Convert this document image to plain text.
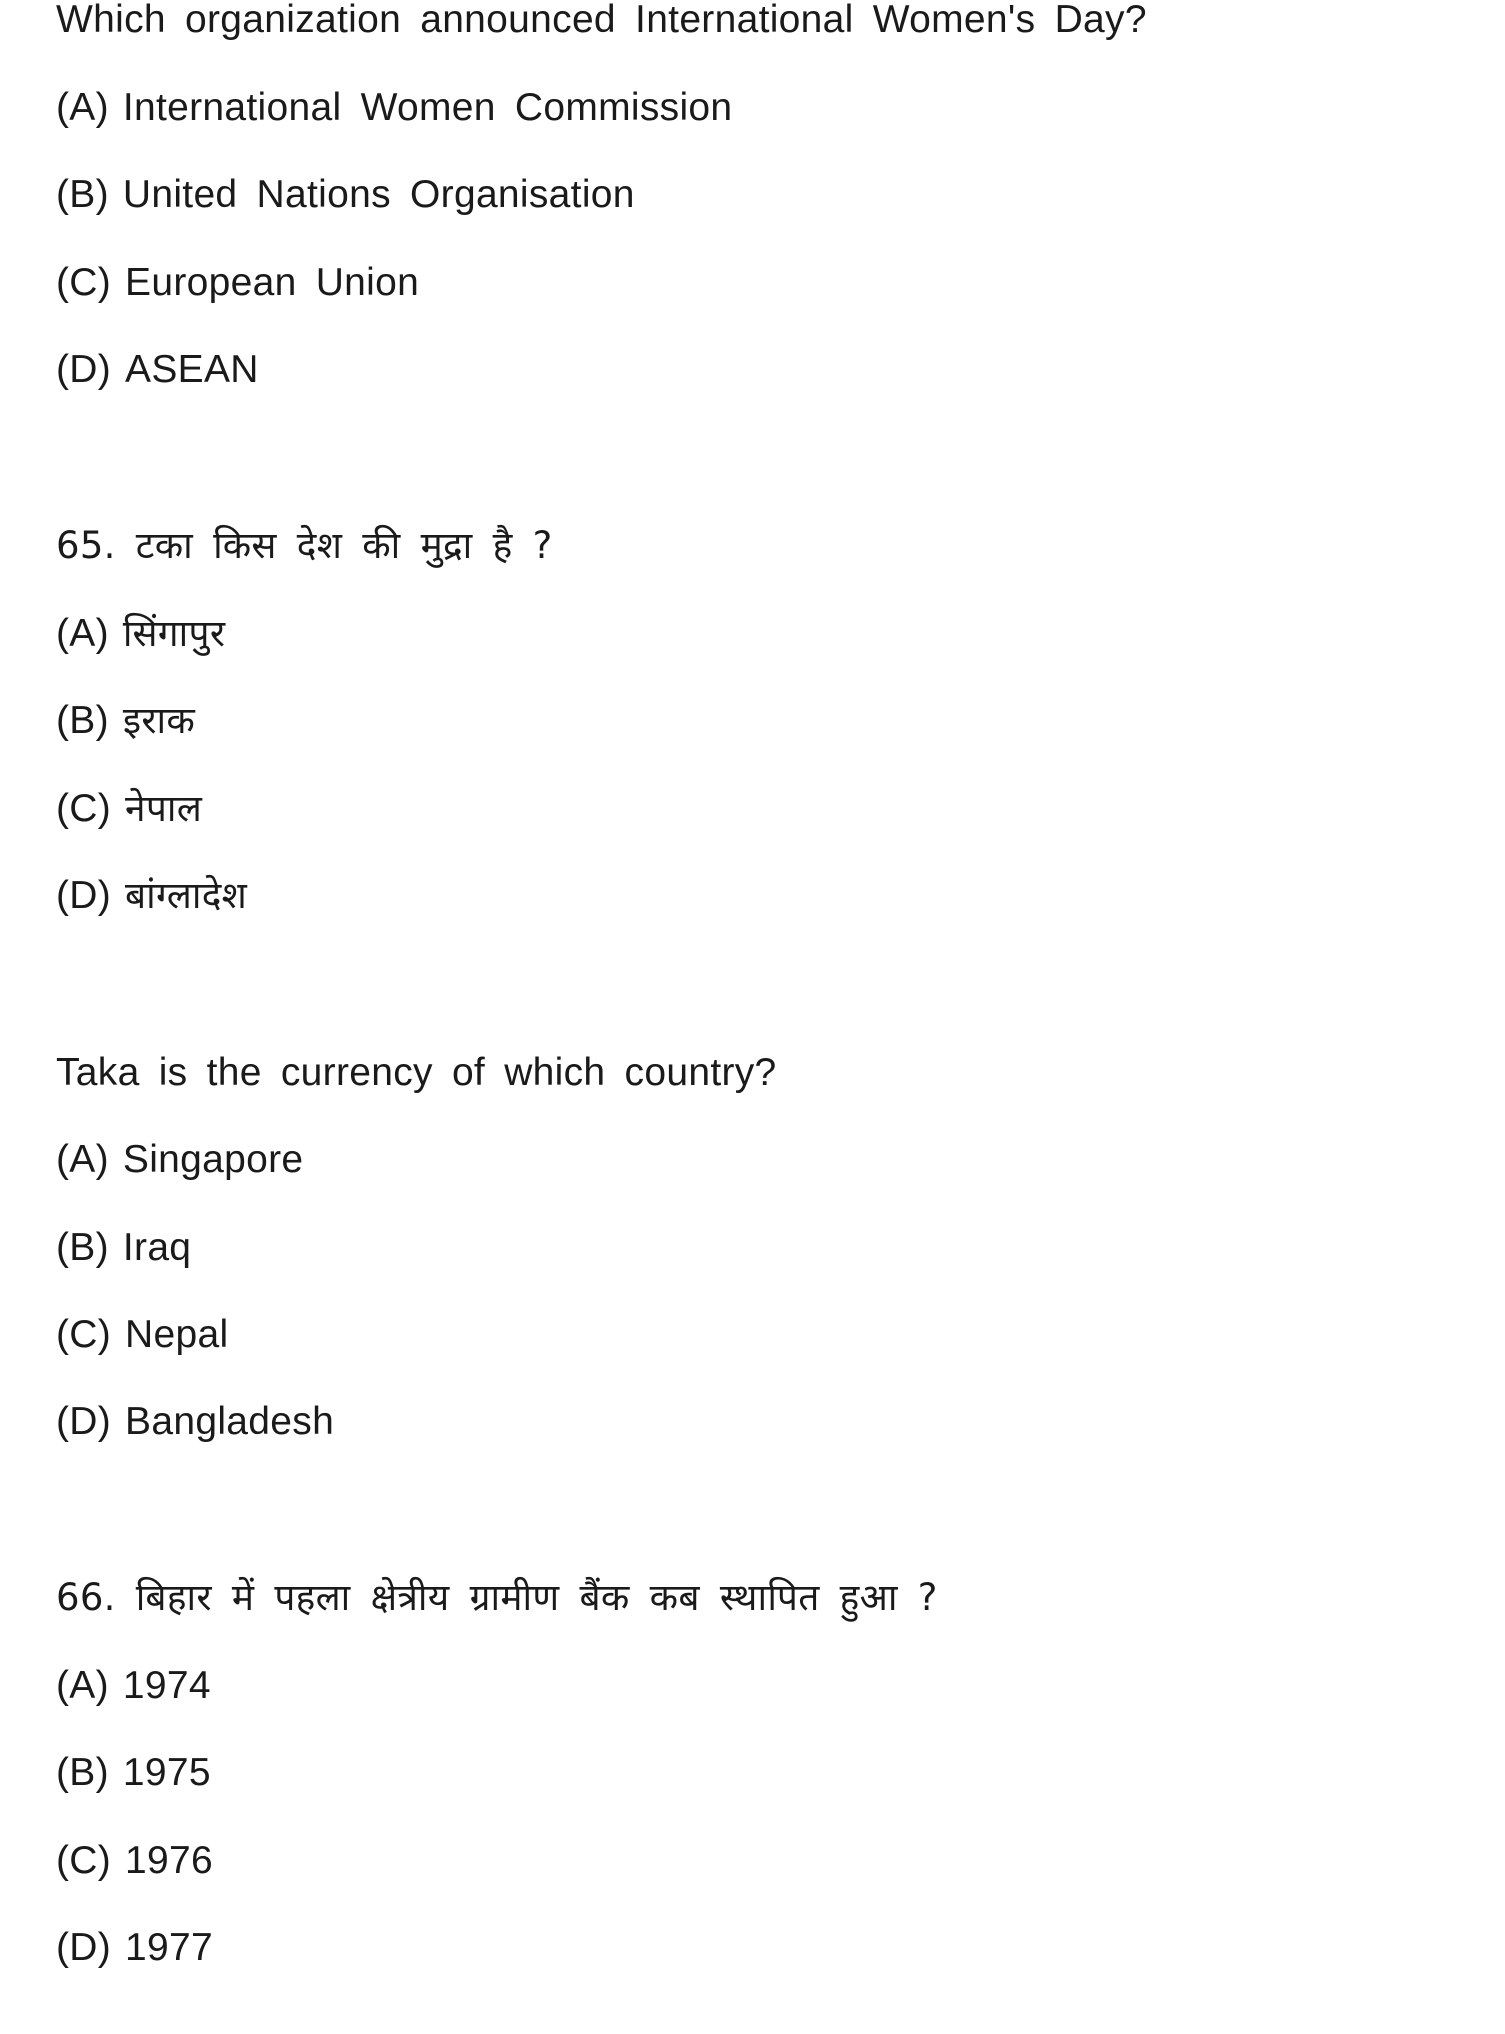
Which organization announced International Women's Day?
(A) International Women Commission
(B) United Nations Organisation
(C) European Union
(D) ASEAN
65. टका किस देश की मुद्रा है ?
(A) सिंगापुर
(B) इराक
(C) नेपाल
(D) बांग्लादेश
Taka is the currency of which country?
(A) Singapore
(B) Iraq
(C) Nepal
(D) Bangladesh
66. बिहार में पहला क्षेत्रीय ग्रामीण बैंक कब स्थापित हुआ ?
(A) 1974
(B) 1975
(C) 1976
(D) 1977
